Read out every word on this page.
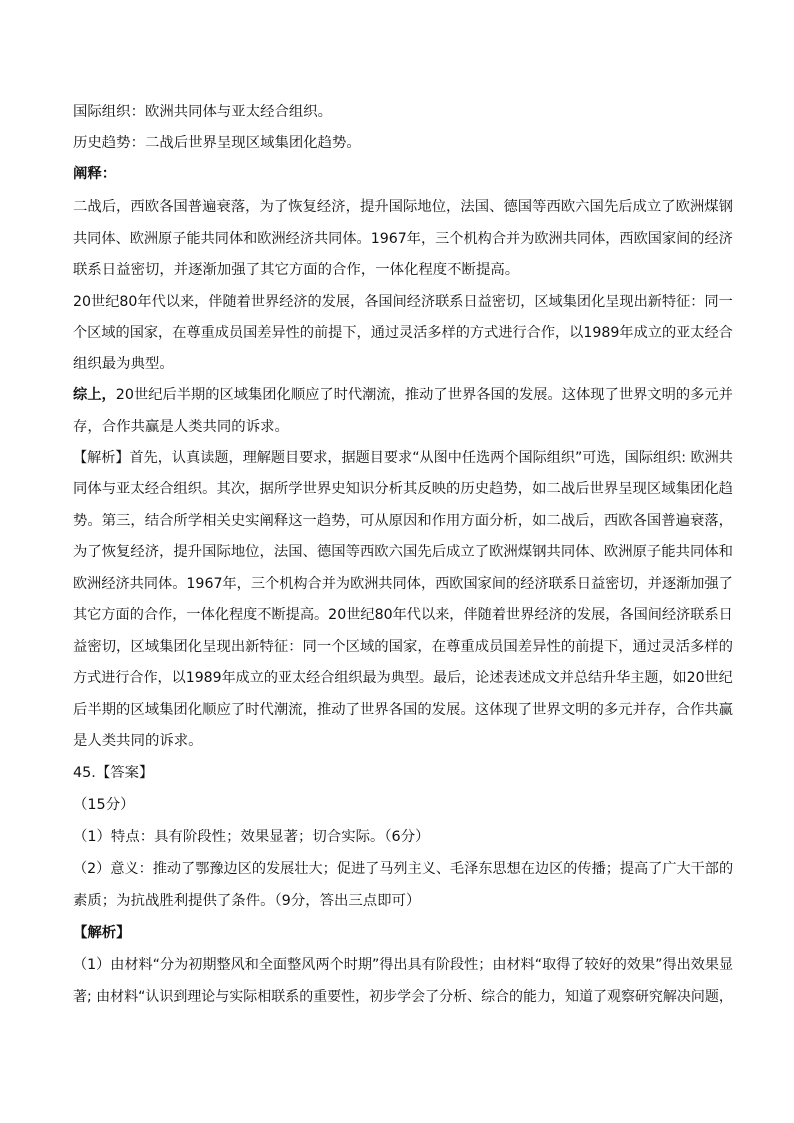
国际组织：欧洲共同体与亚太经合组织。
历史趋势：二战后世界呈现区域集团化趋势。
阐释：
二战后，西欧各国普遍衰落，为了恢复经济，提升国际地位，法国、德国等西欧六国先后成立了欧洲煤钢
共同体、欧洲原子能共同体和欧洲经济共同体。1967年，三个机构合并为欧洲共同体，西欧国家间的经济
联系日益密切，并逐渐加强了其它方面的合作，一体化程度不断提高。
20世纪80年代以来，伴随着世界经济的发展，各国间经济联系日益密切，区域集团化呈现出新特征：同一
个区域的国家，在尊重成员国差异性的前提下，通过灵活多样的方式进行合作，以1989年成立的亚太经合
组织最为典型。
综上，20世纪后半期的区域集团化顺应了时代潮流，推动了世界各国的发展。这体现了世界文明的多元并
存，合作共赢是人类共同的诉求。
【解析】首先，认真读题，理解题目要求，据题目要求“从图中任选两个国际组织”可选，国际组织: 欧洲共
同体与亚太经合组织。其次，据所学世界史知识分析其反映的历史趋势，如二战后世界呈现区域集团化趋
势。第三，结合所学相关史实阐释这一趋势，可从原因和作用方面分析，如二战后，西欧各国普遍衰落，
为了恢复经济，提升国际地位，法国、德国等西欧六国先后成立了欧洲煤钢共同体、欧洲原子能共同体和
欧洲经济共同体。1967年，三个机构合并为欧洲共同体，西欧国家间的经济联系日益密切，并逐渐加强了
其它方面的合作，一体化程度不断提高。20世纪80年代以来，伴随着世界经济的发展，各国间经济联系日
益密切，区域集团化呈现出新特征：同一个区域的国家，在尊重成员国差异性的前提下，通过灵活多样的
方式进行合作，以1989年成立的亚太经合组织最为典型。最后，论述表述成文并总结升华主题，如20世纪
后半期的区域集团化顺应了时代潮流，推动了世界各国的发展。这体现了世界文明的多元并存，合作共赢
是人类共同的诉求。
45.【答案】
（15分）
（1）特点：具有阶段性；效果显著；切合实际。（6分）
（2）意义：推动了鄂豫边区的发展壮大；促进了马列主义、毛泽东思想在边区的传播；提高了广大干部的
素质；为抗战胜利提供了条件。（9分，答出三点即可）
【解析】
（1）由材料“分为初期整风和全面整风两个时期”得出具有阶段性；由材料“取得了较好的效果”得出效果显
著; 由材料“认识到理论与实际相联系的重要性，初步学会了分析、综合的能力，知道了观察研究解决问题，
